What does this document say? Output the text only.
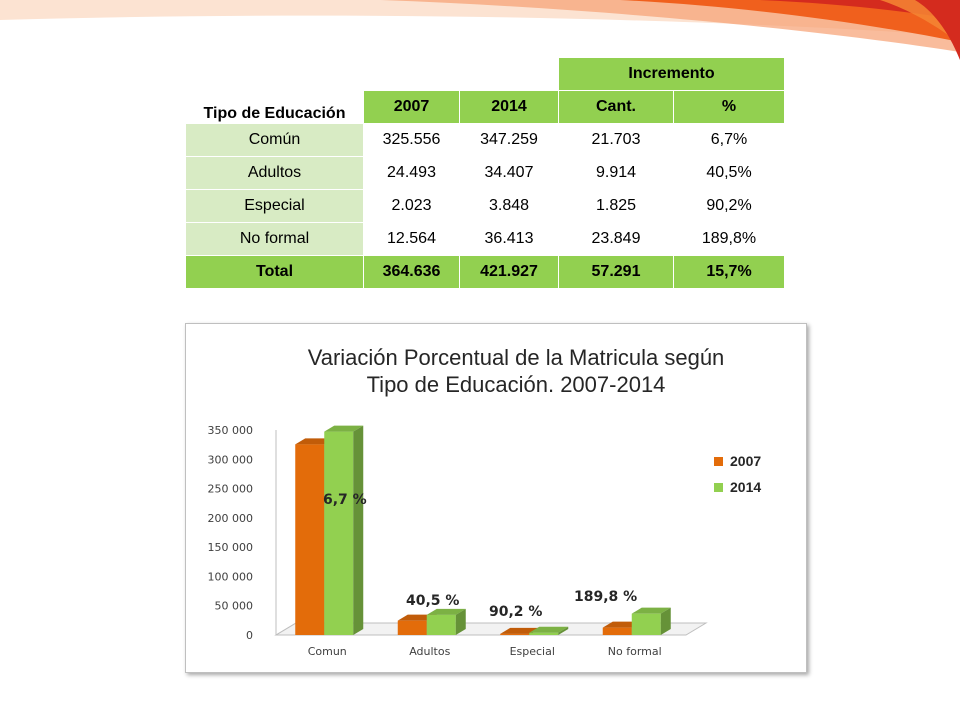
			Incremento	
Tipo de Educación	2007	2014	Cant.	%
Común	325.556	347.259	21.703	6,7%
Adultos	24.493	34.407	9.914	40,5%
Especial	2.023	3.848	1.825	90,2%
No formal	12.564	36.413	23.849	189,8%
Total	364.636	421.927	57.291	15,7%
Variación Porcentual de la Matricula según
Tipo de Educación. 2007-2014
0
50 000
100 000
150 000
200 000
250 000
300 000
350 000
Comun	Adultos	Especial	No formal
6,7 %
40,5 %
90,2 %
189,8 %
2007
2014
